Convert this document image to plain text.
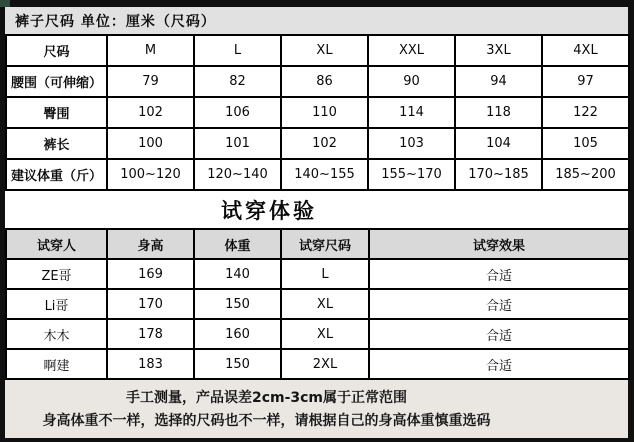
裤子尺码 单位：厘米（尺码）
尺码	M	L	XL	XXL	3XL	4XL
腰围（可伸缩）	79	82	86	90	94	97
臀围	102	106	110	114	118	122
裤长	100	101	102	103	104	105
建议体重（斤）	100~120	120~140	140~155	155~170	170~185	185~200
试穿体验
试穿人	身高	体重	试穿尺码	试穿效果
ZE哥	169	140	L	合适
Li哥	170	150	XL	合适
木木	178	160	XL	合适
啊建	183	150	2XL	合适
手工测量，产品误差2cm-3cm属于正常范围
身高体重不一样，选择的尺码也不一样，请根据自己的身高体重慎重选码
